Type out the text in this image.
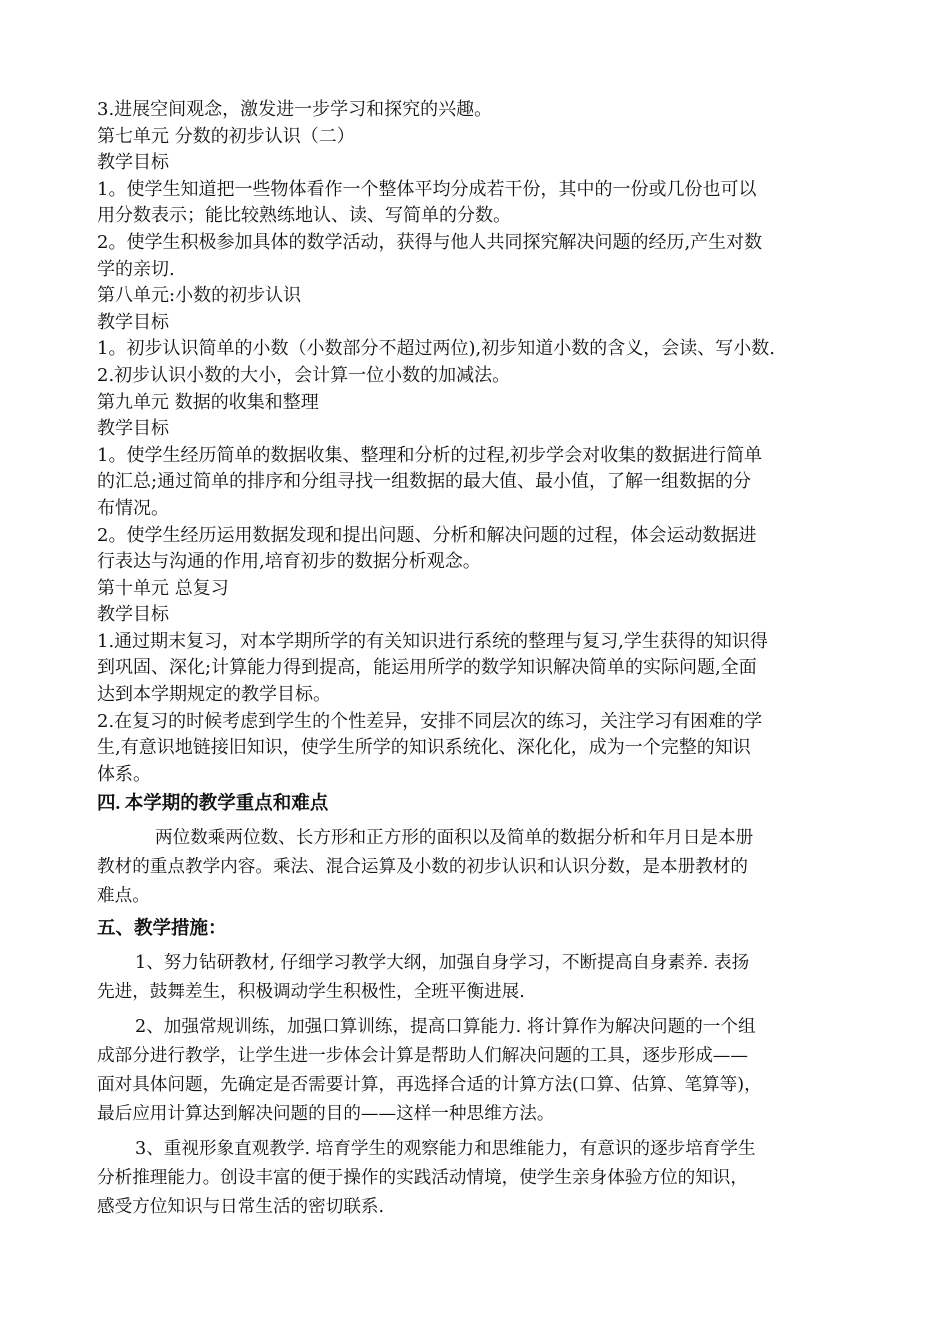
3.进展空间观念，激发进一步学习和探究的兴趣。
第七单元 分数的初步认识（二）
教学目标
1。使学生知道把一些物体看作一个整体平均分成若干份，其中的一份或几份也可以
用分数表示；能比较熟练地认、读、写简单的分数。
2。使学生积极参加具体的数学活动，获得与他人共同探究解决问题的经历,产生对数
学的亲切.
第八单元:小数的初步认识
教学目标
1。初步认识简单的小数（小数部分不超过两位),初步知道小数的含义，会读、写小数.
2.初步认识小数的大小，会计算一位小数的加减法。
第九单元 数据的收集和整理
教学目标
1。使学生经历简单的数据收集、整理和分析的过程,初步学会对收集的数据进行简单
的汇总;通过简单的排序和分组寻找一组数据的最大值、最小值，了解一组数据的分
布情况。
2。使学生经历运用数据发现和提出问题、分析和解决问题的过程，体会运动数据进
行表达与沟通的作用,培育初步的数据分析观念。
第十单元 总复习
教学目标
1.通过期末复习，对本学期所学的有关知识进行系统的整理与复习,学生获得的知识得
到巩固、深化;计算能力得到提高，能运用所学的数学知识解决简单的实际问题,全面
达到本学期规定的教学目标。
2.在复习的时候考虑到学生的个性差异，安排不同层次的练习，关注学习有困难的学
生,有意识地链接旧知识，使学生所学的知识系统化、深化化，成为一个完整的知识
体系。
四. 本学期的教学重点和难点
两位数乘两位数、长方形和正方形的面积以及简单的数据分析和年月日是本册
教材的重点教学内容。乘法、混合运算及小数的初步认识和认识分数，是本册教材的
难点。
五、教学措施：
1、努力钻研教材, 仔细学习教学大纲，加强自身学习，不断提高自身素养. 表扬
先进，鼓舞差生，积极调动学生积极性，全班平衡进展.
2、加强常规训练，加强口算训练，提高口算能力. 将计算作为解决问题的一个组
成部分进行教学，让学生进一步体会计算是帮助人们解决问题的工具，逐步形成——
面对具体问题，先确定是否需要计算，再选择合适的计算方法(口算、估算、笔算等)，
最后应用计算达到解决问题的目的——这样一种思维方法。
3、重视形象直观教学. 培育学生的观察能力和思维能力，有意识的逐步培育学生
分析推理能力。创设丰富的便于操作的实践活动情境，使学生亲身体验方位的知识，
感受方位知识与日常生活的密切联系.
